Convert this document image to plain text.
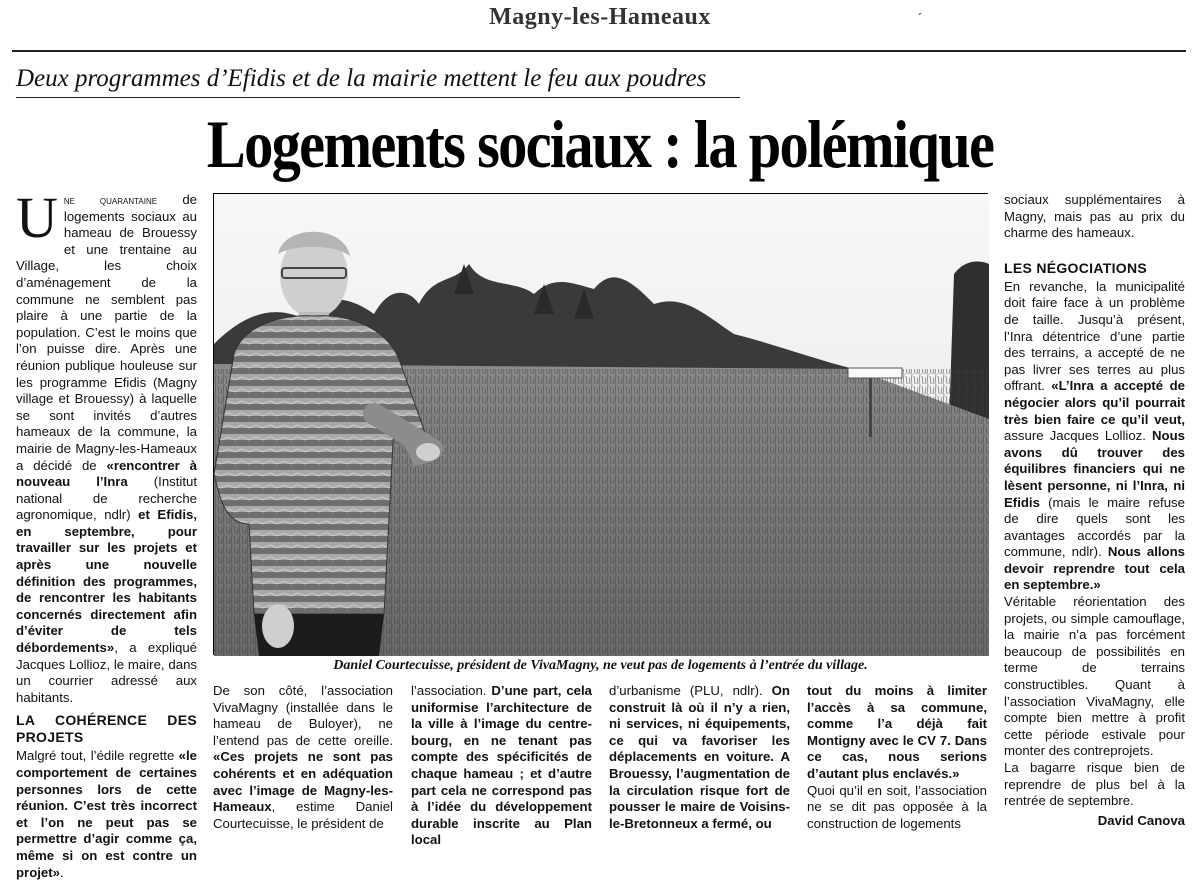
Magny-les-Hameaux	´
Deux programmes d’Efidis et de la mairie mettent le feu aux poudres
Logements sociaux : la polémique

Une quarantaine de logements sociaux au hameau de Brouessy et une trentaine au Village, les choix d’aménagement de la commune ne semblent pas plaire à une partie de la population. C’est le moins que l’on puisse dire. Après une réunion publique houleuse sur les programme Efidis (Magny village et Brouessy) à laquelle se sont invités d’autres hameaux de la commune, la mairie de Magny-les-Hameaux a décidé de «rencontrer à nouveau l’Inra (Institut national de recherche agronomique, ndlr) et Efidis, en septembre, pour travailler sur les projets et après une nouvelle définition des programmes, de rencontrer les habitants concernés directement afin d’éviter de tels débordements», a expliqué Jacques Lollioz, le maire, dans un courrier adressé aux habitants.

LA COHÉRENCE DES PROJETS

Malgré tout, l’édile regrette «le comportement de certaines personnes lors de cette réunion. C’est très incorrect et l’on ne peut pas se permettre d’agir comme ça, même si on est contre un projet».

Daniel Courtecuisse, président de VivaMagny, ne veut pas de logements à l’entrée du village.

De son côté, l’association VivaMagny (installée dans le hameau de Buloyer), ne l’entend pas de cette oreille. «Ces projets ne sont pas cohérents et en adéquation avec l’image de Magny-les-Hameaux, estime Daniel Courtecuisse, le président de

l’association. D’une part, cela uniformise l’architecture de la ville à l’image du centre-bourg, en ne tenant pas compte des spécificités de chaque hameau ; et d’autre part cela ne correspond pas à l’idée du développement durable inscrite au Plan local

d’urbanisme (PLU, ndlr). On construit là où il n’y a rien, ni services, ni équipements, ce qui va favoriser les déplacements en voiture. A Brouessy, l’augmentation de la circulation risque fort de pousser le maire de Voisins-le-Bretonneux a fermé, ou

tout du moins à limiter l’accès à sa commune, comme l’a déjà fait Montigny avec le CV 7. Dans ce cas, nous serions d’autant plus enclavés.»

Quoi qu’il en soit, l’association ne se dit pas opposée à la construction de logements

sociaux supplémentaires à Magny, mais pas au prix du charme des hameaux.

LES NÉGOCIATIONS

En revanche, la municipalité doit faire face à un problème de taille. Jusqu’à présent, l’Inra détentrice d’une partie des terrains, a accepté de ne pas livrer ses terres au plus offrant. «L’Inra a accepté de négocier alors qu’il pourrait très bien faire ce qu’il veut, assure Jacques Lollioz. Nous avons dû trouver des équilibres financiers qui ne lèsent personne, ni l’Inra, ni Efidis (mais le maire refuse de dire quels sont les avantages accordés par la commune, ndlr). Nous allons devoir reprendre tout cela en septembre.»

Véritable réorientation des projets, ou simple camouflage, la mairie n’a pas forcément beaucoup de possibilités en terme de terrains constructibles. Quant à l’association VivaMagny, elle compte bien mettre à profit cette période estivale pour monter des contreprojets.

La bagarre risque bien de reprendre de plus bel à la rentrée de septembre.

David Canova
